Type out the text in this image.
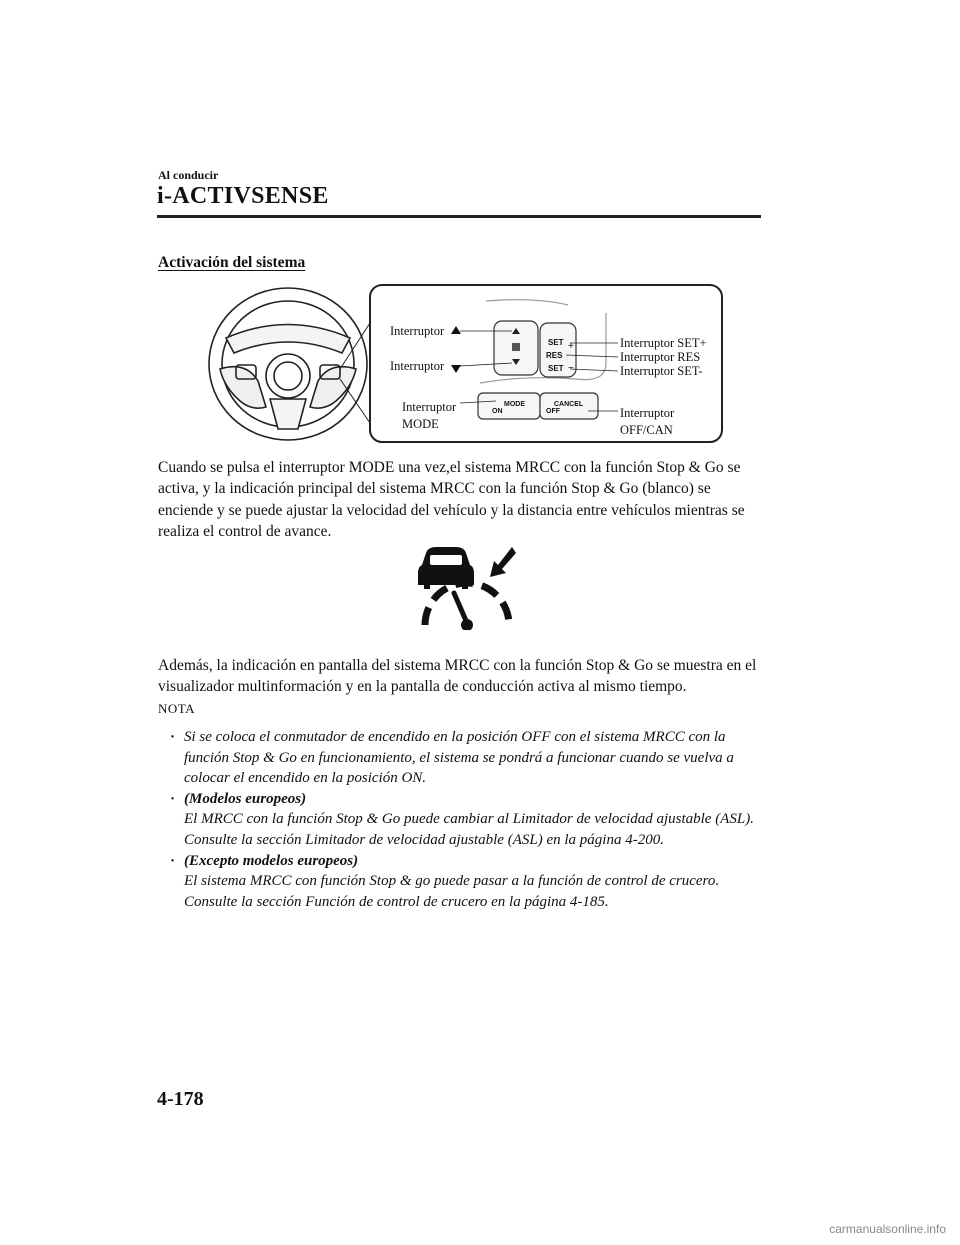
Al conducir
i-ACTIVSENSE
Activación del sistema
SET +
RES
SET −
MODE
ON
CANCEL
OFF
Interruptor
Interruptor
Interruptor
MODE
Interruptor SET+
Interruptor RES
Interruptor SET-
Interruptor
OFF/CAN
Cuando se pulsa el interruptor MODE una vez,el sistema MRCC con la función Stop & Go se activa, y la indicación principal del sistema MRCC con la función Stop & Go (blanco) se enciende y se puede ajustar la velocidad del vehículo y la distancia entre vehículos mientras se realiza el control de avance.
Además, la indicación en pantalla del sistema MRCC con la función Stop & Go se muestra en el visualizador multinformación y en la pantalla de conducción activa al mismo tiempo.
NOTA
· Si se coloca el conmutador de encendido en la posición OFF con el sistema MRCC con la función Stop & Go en funcionamiento, el sistema se pondrá a funcionar cuando se vuelva a colocar el encendido en la posición ON.
· (Modelos europeos)
El MRCC con la función Stop & Go puede cambiar al Limitador de velocidad ajustable (ASL).
Consulte la sección Limitador de velocidad ajustable (ASL) en la página 4-200.
· (Excepto modelos europeos)
El sistema MRCC con función Stop & go puede pasar a la función de control de crucero.
Consulte la sección Función de control de crucero en la página 4-185.
4-178
carmanualsonline.info
